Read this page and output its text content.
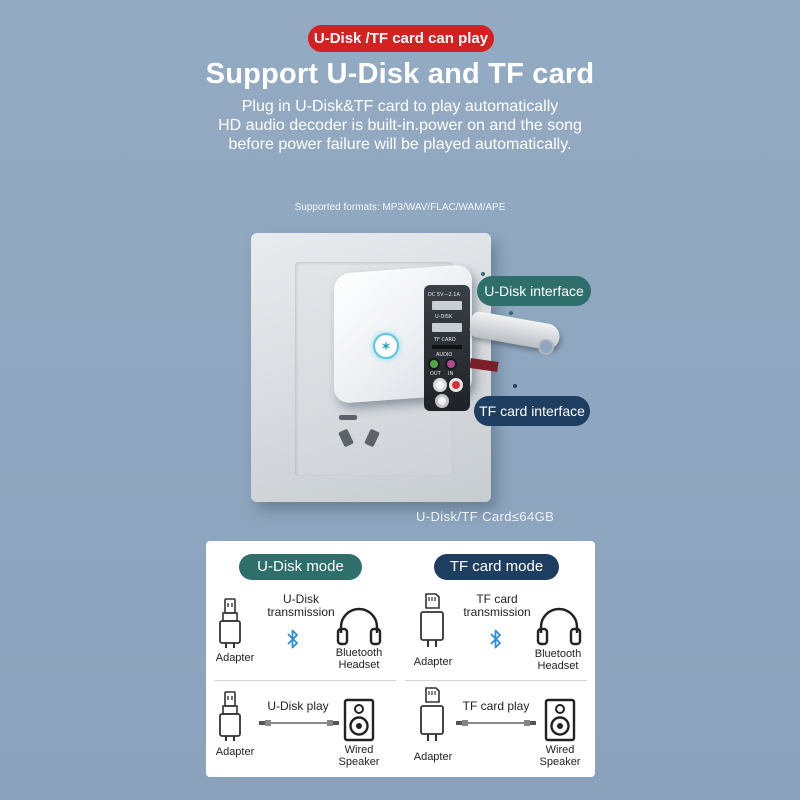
U-Disk /TF card can play
Support U-Disk and TF card
Plug in U-Disk&TF card to play automatically
HD audio decoder is built-in.power on and the song
before power failure will be played automatically.
Supported formats: MP3/WAV/FLAC/WAM/APE
✶
DC 5V—2.1A
U-DISK
TF CARD
AUDIO
OUT IN
U-Disk interface
TF card interface
U-Disk/TF Card≤64GB
U-Disk mode
Adapter
U-Disk
transmission
Bluetooth
Headset
Adapter
U-Disk play
Wired
Speaker
TF card mode
Adapter
TF card
transmission
Bluetooth
Headset
Adapter
TF card play
Wired
Speaker
